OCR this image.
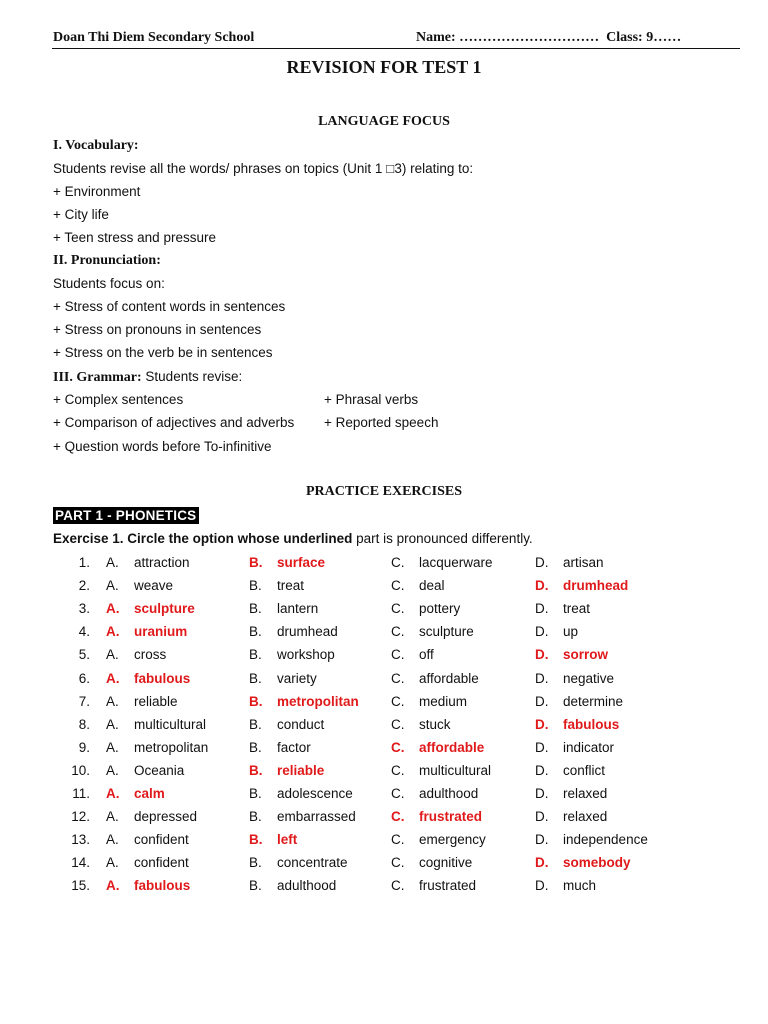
Doan Thi Diem Secondary School	Name: …………………………  Class: 9……
REVISION FOR TEST 1
LANGUAGE FOCUS
I. Vocabulary:
Students revise all the words/ phrases on topics (Unit 1 □3) relating to:
+ Environment
+ City life
+ Teen stress and pressure
II. Pronunciation:
Students focus on:
+ Stress of content words in sentences
+ Stress on pronouns in sentences
+ Stress on the verb be in sentences
III. Grammar: Students revise:
+ Complex sentences
+ Comparison of adjectives and adverbs
+ Question words before To-infinitive
+ Phrasal verbs
+ Reported speech
PRACTICE EXERCISES
PART 1 - PHONETICS
Exercise 1. Circle the option whose underlined part is pronounced differently.
1. A. attraction	B. surface	C. lacquerware	D. artisan
2. A. weave	B. treat	C. deal	D. drumhead
3. A. sculpture	B. lantern	C. pottery	D. treat
4. A. uranium	B. drumhead	C. sculpture	D. up
5. A. cross	B. workshop	C. off	D. sorrow
6. A. fabulous	B. variety	C. affordable	D. negative
7. A. reliable	B. metropolitan C. medium	D. determine
8. A. multicultural	B. conduct	C. stuck	D. fabulous
9. A. metropolitan	B. factor	C. affordable	D. indicator
10. A. Oceania	B. reliable	C. multicultural	D. conflict
11. A. calm	B. adolescence	C. adulthood	D. relaxed
12. A. depressed	B. embarrassed	C. frustrated	D. relaxed
13. A. confident	B. left	C. emergency	D. independence
14. A. confident	B. concentrate	C. cognitive	D. somebody
15. A. fabulous	B. adulthood	C. frustrated	D. much
